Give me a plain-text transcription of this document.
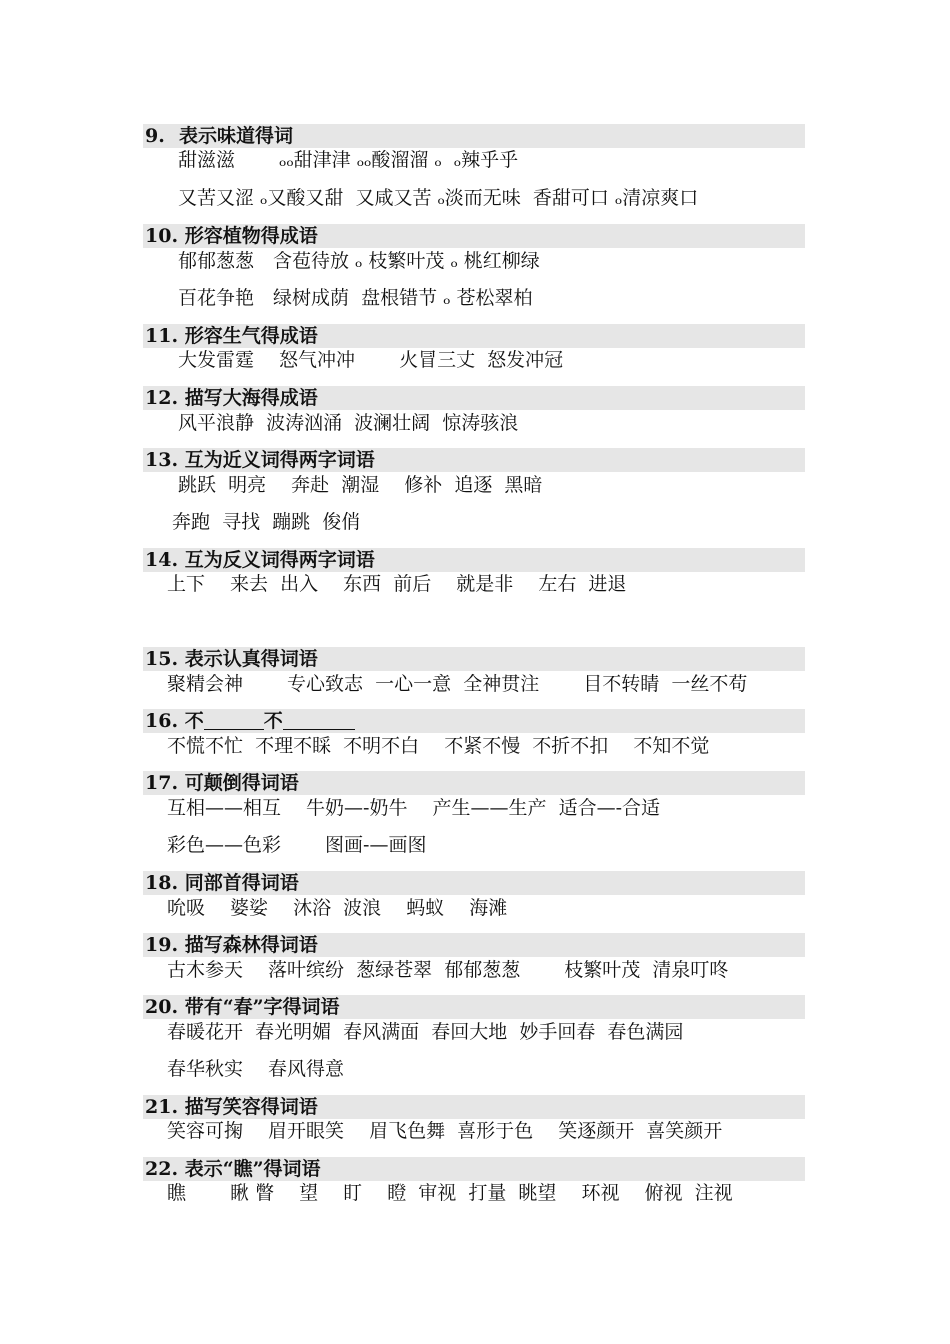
9. 表示味道得词
甜滋滋　　 ₒₒ甜津津 ₒₒ酸溜溜 ₒ  ₒ辣乎乎
又苦又涩 ₒ又酸又甜  又咸又苦 ₒ淡而无味  香甜可口 ₒ清凉爽口
10. 形容植物得成语
郁郁葱葱　含苞待放 ₒ 枝繁叶茂 ₒ 桃红柳绿
百花争艳　绿树成荫  盘根错节 ₒ 苍松翠柏
11. 形容生气得成语
大发雷霆　 怒气冲冲　　 火冒三丈  怒发冲冠
12. 描写大海得成语
风平浪静  波涛汹涌  波澜壮阔  惊涛骇浪
13. 互为近义词得两字词语
跳跃  明亮　 奔赴  潮湿　 修补  追逐  黑暗
奔跑  寻找  蹦跳  俊俏
14. 互为反义词得两字词语
上下　 来去  出入　 东西  前后　 就是非　 左右  进退
15. 表示认真得词语
聚精会神　　 专心致志  一心一意  全神贯注　　 目不转睛  一丝不苟
16. 不	不
不慌不忙  不理不睬  不明不白　 不紧不慢  不折不扣　 不知不觉
17. 可颠倒得词语
互相——相互　 牛奶—-奶牛　 产生——生产  适合—-合适
彩色——色彩　　 图画-—画图
18. 同部首得词语
吮吸　 婆娑　 沐浴  波浪　 蚂蚁　 海滩
19. 描写森林得词语
古木参天　 落叶缤纷  葱绿苍翠  郁郁葱葱　　 枝繁叶茂  清泉叮咚
20. 带有“春”字得词语
春暖花开  春光明媚  春风满面  春回大地  妙手回春  春色满园
春华秋实　 春风得意
21. 描写笑容得词语
笑容可掬　 眉开眼笑　 眉飞色舞  喜形于色　 笑逐颜开  喜笑颜开
22. 表示“瞧”得词语
瞧　　 瞅 瞥　 望　 盯　 瞪  审视  打量  眺望　 环视　 俯视  注视
